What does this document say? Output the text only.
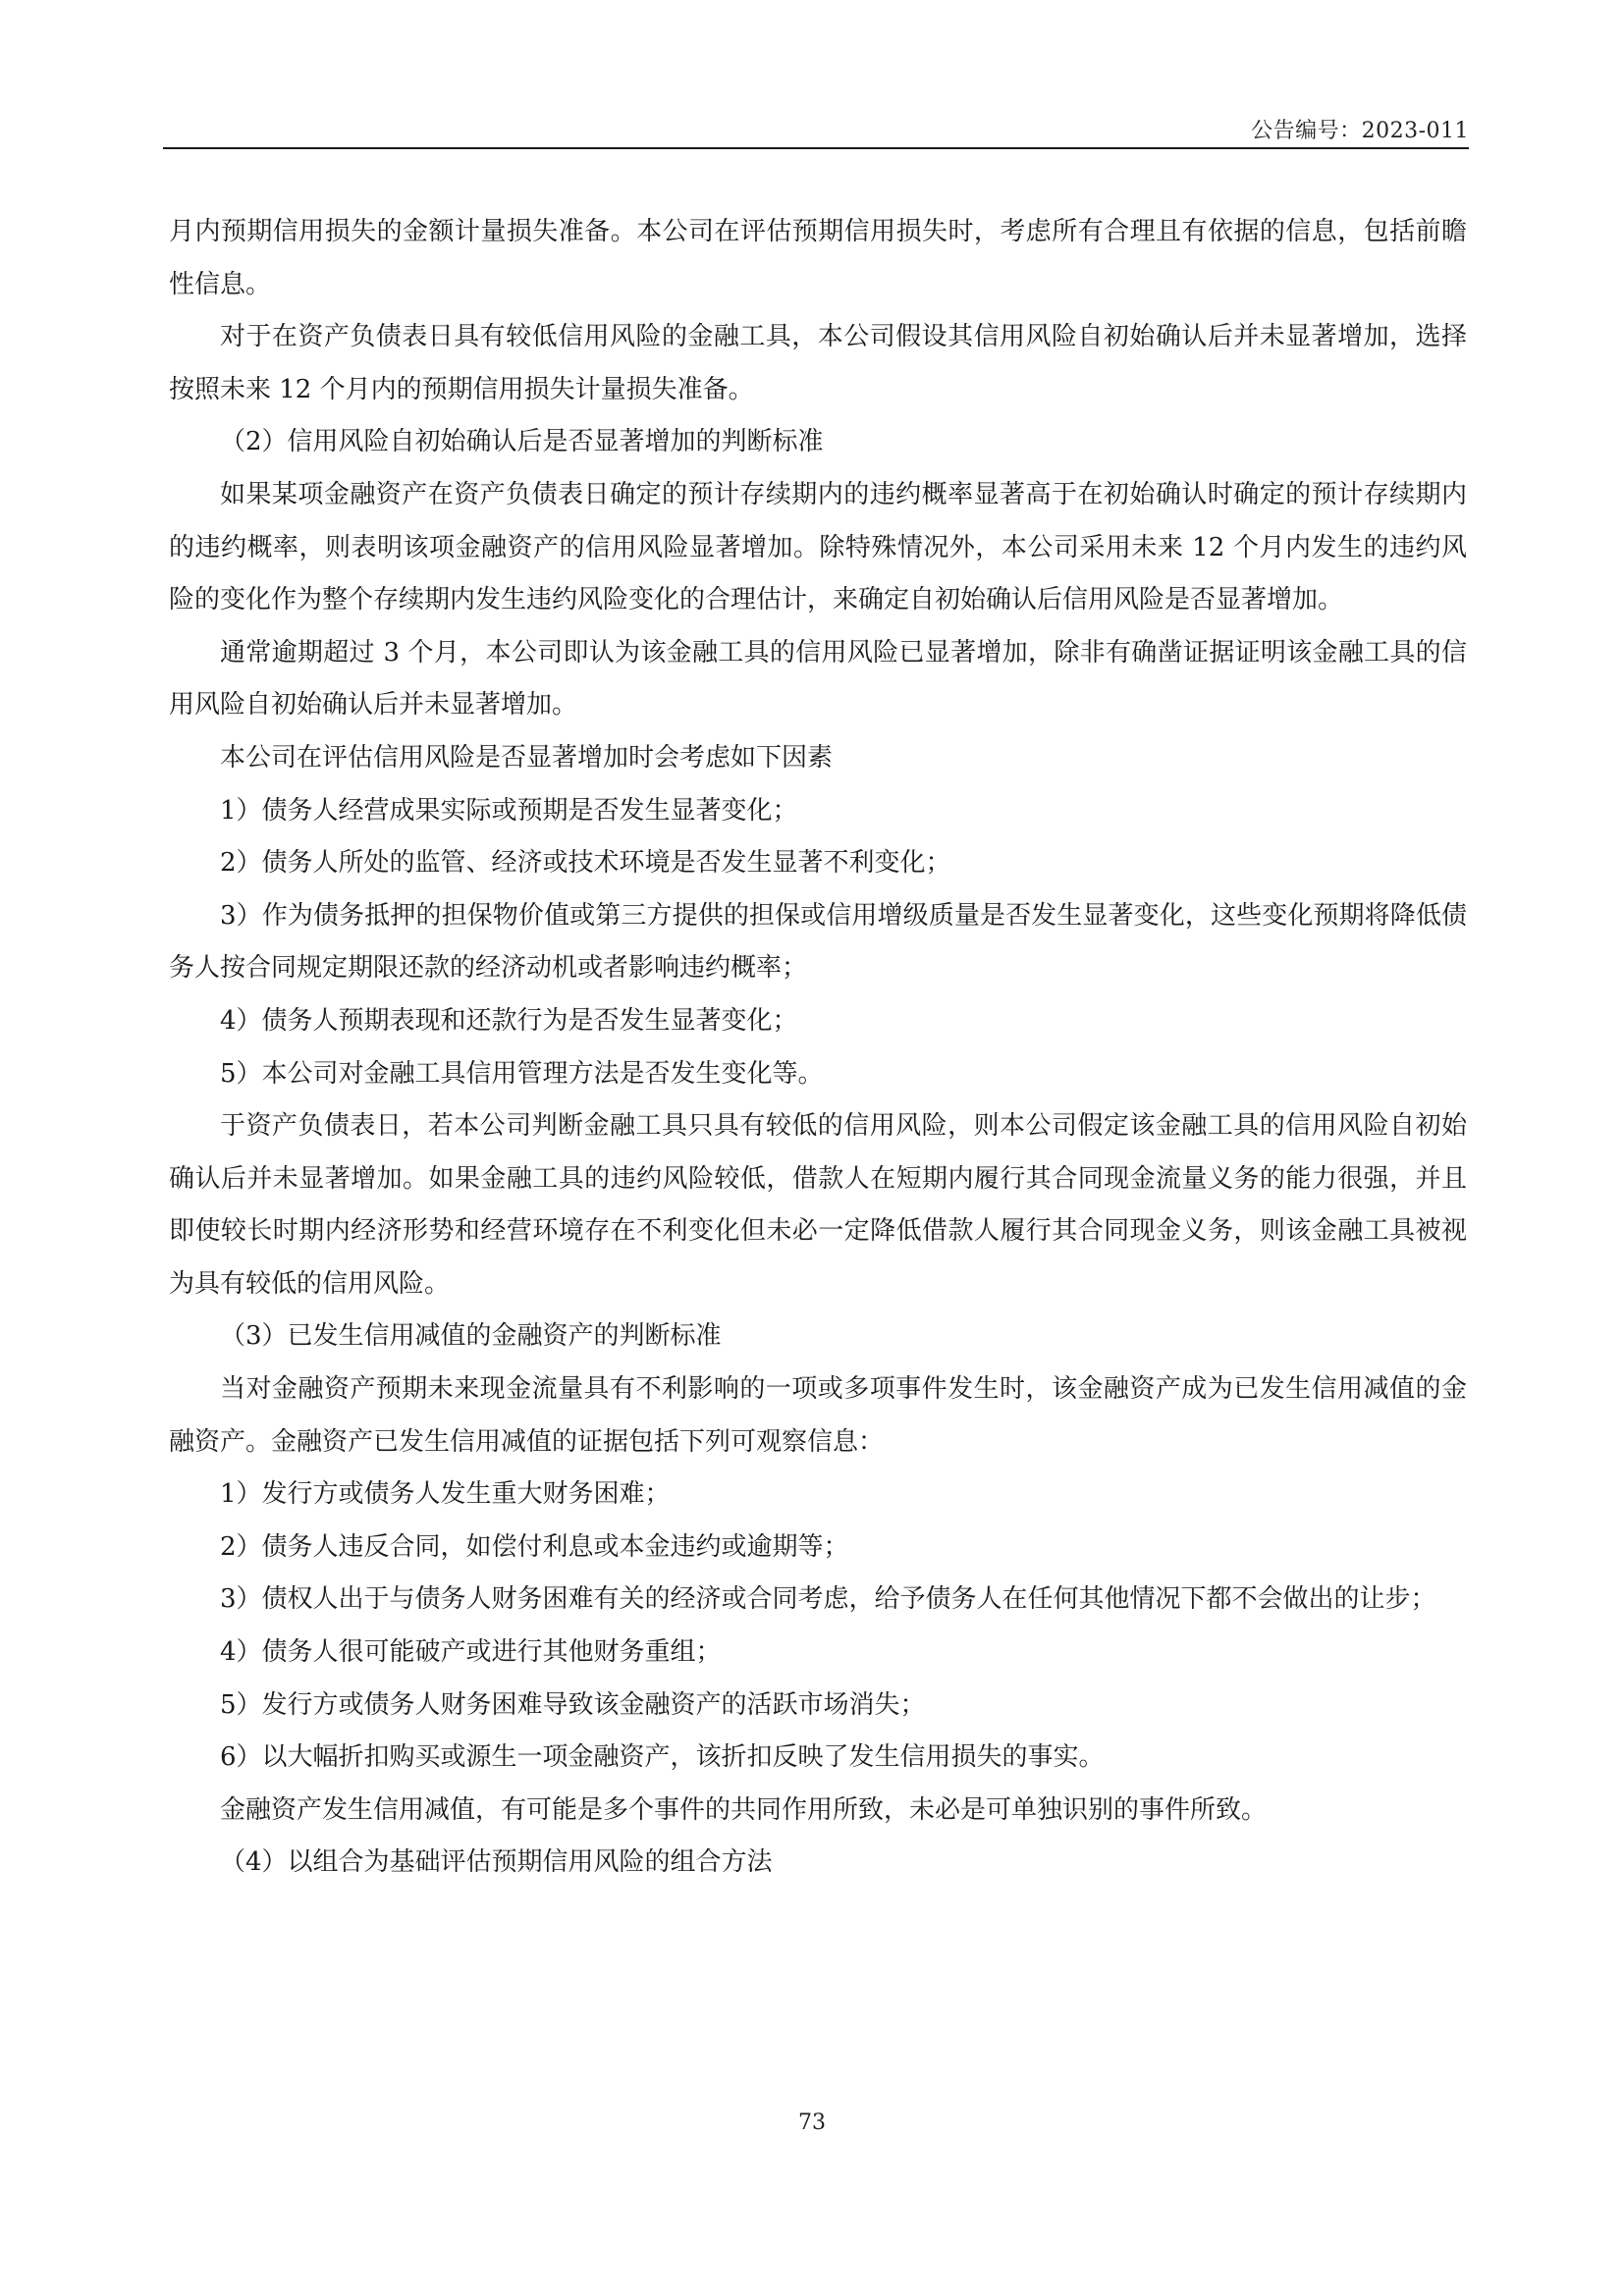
公告编号：2023-011

月内预期信用损失的金额计量损失准备。本公司在评估预期信用损失时，考虑所有合理且有依据的信息，包括前瞻性信息。

对于在资产负债表日具有较低信用风险的金融工具，本公司假设其信用风险自初始确认后并未显著增加，选择按照未来 12 个月内的预期信用损失计量损失准备。

（2）信用风险自初始确认后是否显著增加的判断标准

如果某项金融资产在资产负债表日确定的预计存续期内的违约概率显著高于在初始确认时确定的预计存续期内的违约概率，则表明该项金融资产的信用风险显著增加。除特殊情况外，本公司采用未来 12 个月内发生的违约风险的变化作为整个存续期内发生违约风险变化的合理估计，来确定自初始确认后信用风险是否显著增加。

通常逾期超过 3 个月，本公司即认为该金融工具的信用风险已显著增加，除非有确凿证据证明该金融工具的信用风险自初始确认后并未显著增加。

本公司在评估信用风险是否显著增加时会考虑如下因素

1）债务人经营成果实际或预期是否发生显著变化；

2）债务人所处的监管、经济或技术环境是否发生显著不利变化；

3）作为债务抵押的担保物价值或第三方提供的担保或信用增级质量是否发生显著变化，这些变化预期将降低债务人按合同规定期限还款的经济动机或者影响违约概率；

4）债务人预期表现和还款行为是否发生显著变化；

5）本公司对金融工具信用管理方法是否发生变化等。

于资产负债表日，若本公司判断金融工具只具有较低的信用风险，则本公司假定该金融工具的信用风险自初始确认后并未显著增加。如果金融工具的违约风险较低，借款人在短期内履行其合同现金流量义务的能力很强，并且即使较长时期内经济形势和经营环境存在不利变化但未必一定降低借款人履行其合同现金义务，则该金融工具被视为具有较低的信用风险。

（3）已发生信用减值的金融资产的判断标准

当对金融资产预期未来现金流量具有不利影响的一项或多项事件发生时，该金融资产成为已发生信用减值的金融资产。金融资产已发生信用减值的证据包括下列可观察信息：

1）发行方或债务人发生重大财务困难；

2）债务人违反合同，如偿付利息或本金违约或逾期等；

3）债权人出于与债务人财务困难有关的经济或合同考虑，给予债务人在任何其他情况下都不会做出的让步；

4）债务人很可能破产或进行其他财务重组；

5）发行方或债务人财务困难导致该金融资产的活跃市场消失；

6）以大幅折扣购买或源生一项金融资产，该折扣反映了发生信用损失的事实。

金融资产发生信用减值，有可能是多个事件的共同作用所致，未必是可单独识别的事件所致。

（4）以组合为基础评估预期信用风险的组合方法

73
